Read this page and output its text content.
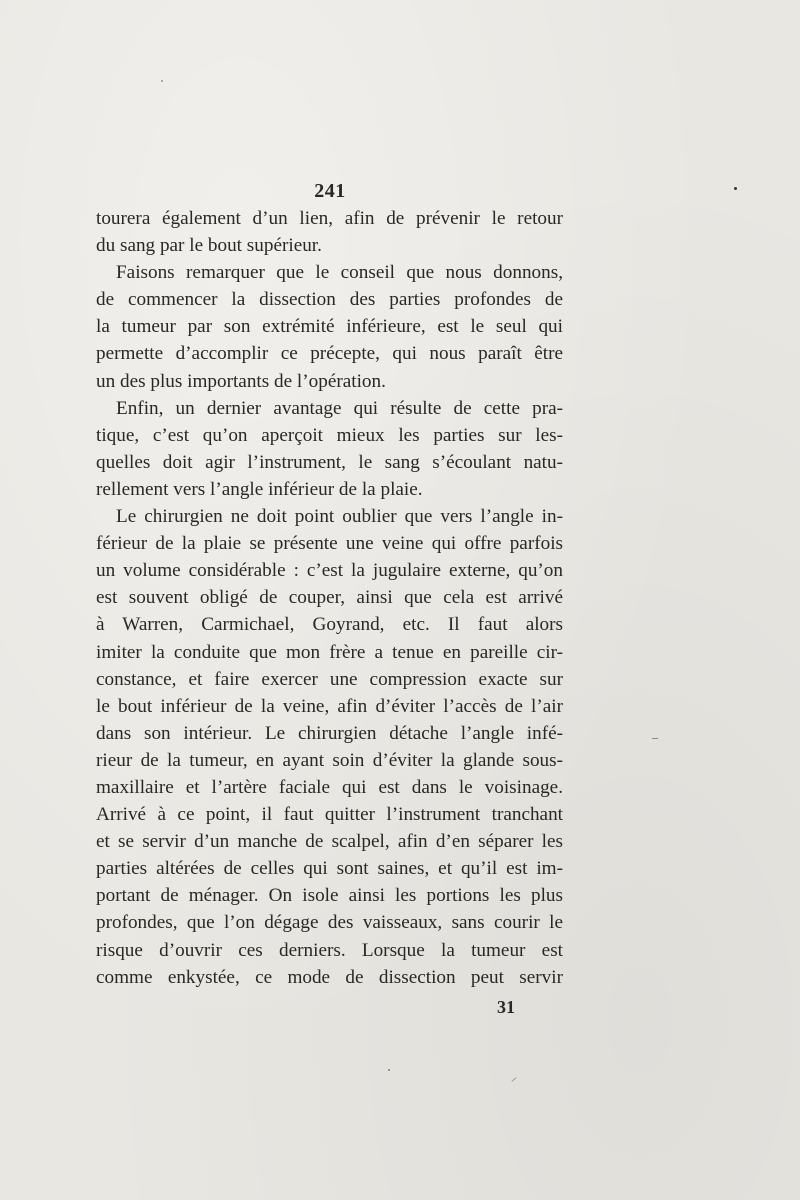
241
tourera également d’un lien, afin de prévenir le retour
du sang par le bout supérieur.
Faisons remarquer que le conseil que nous donnons,
de commencer la dissection des parties profondes de
la tumeur par son extrémité inférieure, est le seul qui
permette d’accomplir ce précepte, qui nous paraît être
un des plus importants de l’opération.
Enfin, un dernier avantage qui résulte de cette pra-
tique, c’est qu’on aperçoit mieux les parties sur les-
quelles doit agir l’instrument, le sang s’écoulant natu-
rellement vers l’angle inférieur de la plaie.
Le chirurgien ne doit point oublier que vers l’angle in-
férieur de la plaie se présente une veine qui offre parfois
un volume considérable : c’est la jugulaire externe, qu’on
est souvent obligé de couper, ainsi que cela est arrivé
à Warren, Carmichael, Goyrand, etc. Il faut alors
imiter la conduite que mon frère a tenue en pareille cir-
constance, et faire exercer une compression exacte sur
le bout inférieur de la veine, afin d’éviter l’accès de l’air
dans son intérieur. Le chirurgien détache l’angle infé-
rieur de la tumeur, en ayant soin d’éviter la glande sous-
maxillaire et l’artère faciale qui est dans le voisinage.
Arrivé à ce point, il faut quitter l’instrument tranchant
et se servir d’un manche de scalpel, afin d’en séparer les
parties altérées de celles qui sont saines, et qu’il est im-
portant de ménager. On isole ainsi les portions les plus
profondes, que l’on dégage des vaisseaux, sans courir le
risque d’ouvrir ces derniers. Lorsque la tumeur est
comme enkystée, ce mode de dissection peut servir
31
